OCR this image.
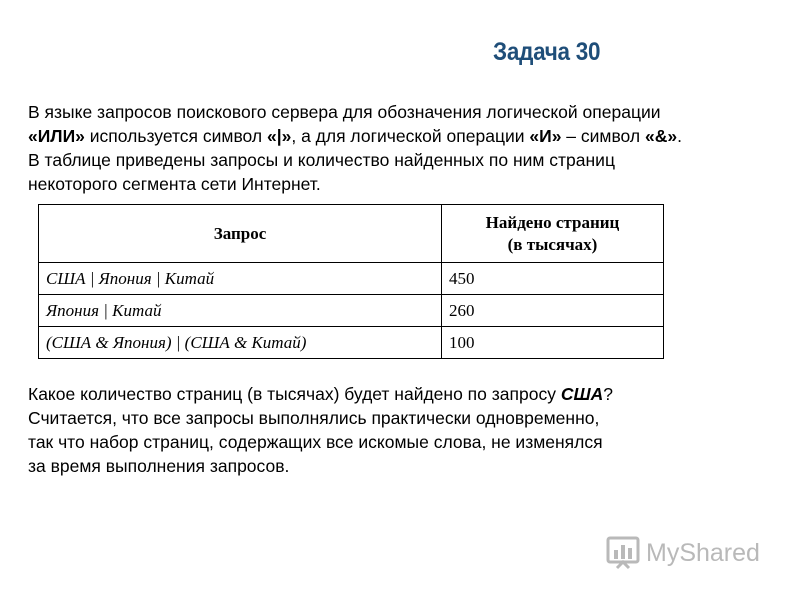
Задача 30

В языке запросов поискового сервера для обозначения логической операции

«ИЛИ» используется символ «|», а для логической операции «И» – символ «&».

В таблице приведены запросы и количество найденных по ним страниц

некоторого сегмента сети Интернет.

Запрос	Найдено страниц
(в тысячах)
США | Япония | Китай	450
Япония | Китай	260
(США & Япония) | (США & Китай)	100

Какое количество страниц (в тысячах) будет найдено по запросу США?

Считается, что все запросы выполнялись практически одновременно,

так что набор страниц, содержащих все искомые слова, не изменялся

за время выполнения запросов.

MyShared
